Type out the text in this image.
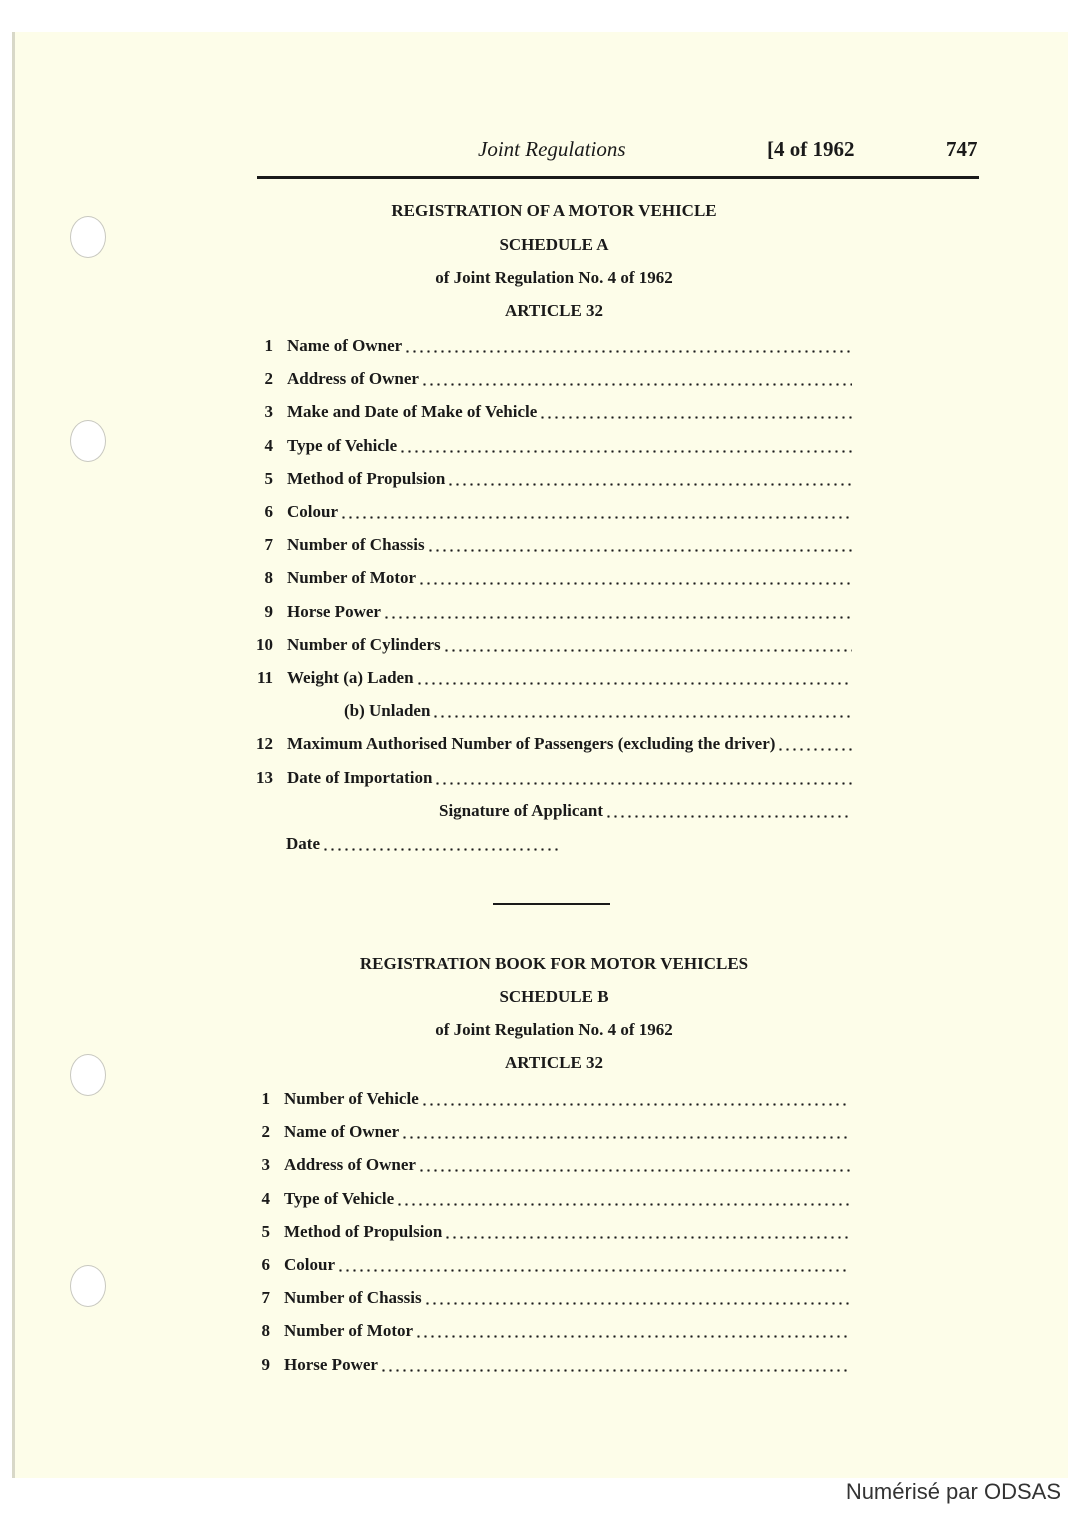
Joint Regulations	[4 of 1962	747
REGISTRATION OF A MOTOR VEHICLE
SCHEDULE A
of Joint Regulation No. 4 of 1962
ARTICLE 32
1 Name of Owner
2 Address of Owner
3 Make and Date of Make of Vehicle
4 Type of Vehicle
5 Method of Propulsion
6 Colour
7 Number of Chassis
8 Number of Motor
9 Horse Power
10 Number of Cylinders
11 Weight (a) Laden
(b) Unladen
12 Maximum Authorised Number of Passengers (excluding the driver)
13 Date of Importation
Signature of Applicant
Date
REGISTRATION BOOK FOR MOTOR VEHICLES
SCHEDULE B
of Joint Regulation No. 4 of 1962
ARTICLE 32
1 Number of Vehicle
2 Name of Owner
3 Address of Owner
4 Type of Vehicle
5 Method of Propulsion
6 Colour
7 Number of Chassis
8 Number of Motor
9 Horse Power
Numérisé par ODSAS
